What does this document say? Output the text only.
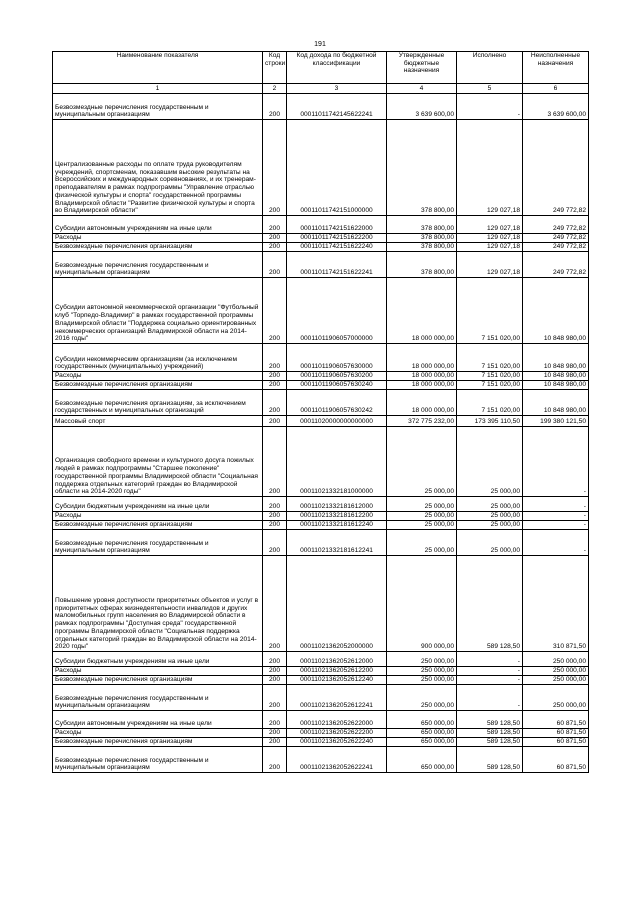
191
Наименование показателя	Код строки	Код дохода по бюджетной классификации	Утвержденные бюджетные назначения	Исполнено	Неисполненные назначения
1	2	3	4	5	6
Безвозмездные перечисления государственным и муниципальным организациям	200	00011011742145622241	3 639 600,00	-	3 639 600,00
Централизованные расходы по оплате труда руководителям учреждений, спортсменам, показавшим высокие результаты на Всероссийских и международных соревнованиях, и их тренерам-преподавателям в рамках подпрограммы "Управление отраслью физической культуры и спорта" государственной программы Владимирской области "Развитие физической культуры и спорта во Владимирской области"	200	00011011742151000000	378 800,00	129 027,18	249 772,82
Субсидии автономным учреждениям на иные цели	200	00011011742151622000	378 800,00	129 027,18	249 772,82
Расходы	200	00011011742151622200	378 800,00	129 027,18	249 772,82
Безвозмездные перечисления организациям	200	00011011742151622240	378 800,00	129 027,18	249 772,82
Безвозмездные перечисления государственным и муниципальным организациям	200	00011011742151622241	378 800,00	129 027,18	249 772,82
Субсидии автономной некоммерческой организации "Футбольный клуб "Торпедо-Владимир" в рамках государственной программы Владимирской области "Поддержка социально ориентированных некоммерческих организаций Владимирской области на 2014-2016 годы"	200	00011011906057000000	18 000 000,00	7 151 020,00	10 848 980,00
Субсидии некоммерческим организациям (за исключением государственных (муниципальных) учреждений)	200	00011011906057630000	18 000 000,00	7 151 020,00	10 848 980,00
Расходы	200	00011011906057630200	18 000 000,00	7 151 020,00	10 848 980,00
Безвозмездные перечисления организациям	200	00011011906057630240	18 000 000,00	7 151 020,00	10 848 980,00
Безвозмездные перечисления организациям, за исключением государственных и муниципальных организаций	200	00011011906057630242	18 000 000,00	7 151 020,00	10 848 980,00
Массовый спорт	200	00011020000000000000	372 775 232,00	173 395 110,50	199 380 121,50
Организация свободного времени и культурного досуга пожилых людей в рамках подпрограммы "Старшее поколение" государственной программы Владимирской области "Социальная поддержка отдельных категорий граждан во Владимирской области на 2014-2020 годы"	200	00011021332181000000	25 000,00	25 000,00	-
Субсидии бюджетным учреждениям на иные цели	200	00011021332181612000	25 000,00	25 000,00	-
Расходы	200	00011021332181612200	25 000,00	25 000,00	-
Безвозмездные перечисления организациям	200	00011021332181612240	25 000,00	25 000,00	-
Безвозмездные перечисления государственным и муниципальным организациям	200	00011021332181612241	25 000,00	25 000,00	-
Повышение уровня доступности приоритетных объектов и услуг в приоритетных сферах жизнедеятельности инвалидов и других маломобильных групп населения во Владимирской области в рамках подпрограммы "Доступная среда" государственной программы Владимирской области "Социальная поддержка отдельных категорий граждан во Владимирской области на 2014-2020 годы"	200	00011021362052000000	900 000,00	589 128,50	310 871,50
Субсидии бюджетным учреждениям на иные цели	200	00011021362052612000	250 000,00	-	250 000,00
Расходы	200	00011021362052612200	250 000,00	-	250 000,00
Безвозмездные перечисления организациям	200	00011021362052612240	250 000,00	-	250 000,00
Безвозмездные перечисления государственным и муниципальным организациям	200	00011021362052612241	250 000,00	-	250 000,00
Субсидии автономным учреждениям на иные цели	200	00011021362052622000	650 000,00	589 128,50	60 871,50
Расходы	200	00011021362052622200	650 000,00	589 128,50	60 871,50
Безвозмездные перечисления организациям	200	00011021362052622240	650 000,00	589 128,50	60 871,50
Безвозмездные перечисления государственным и муниципальным организациям	200	00011021362052622241	650 000,00	589 128,50	60 871,50
